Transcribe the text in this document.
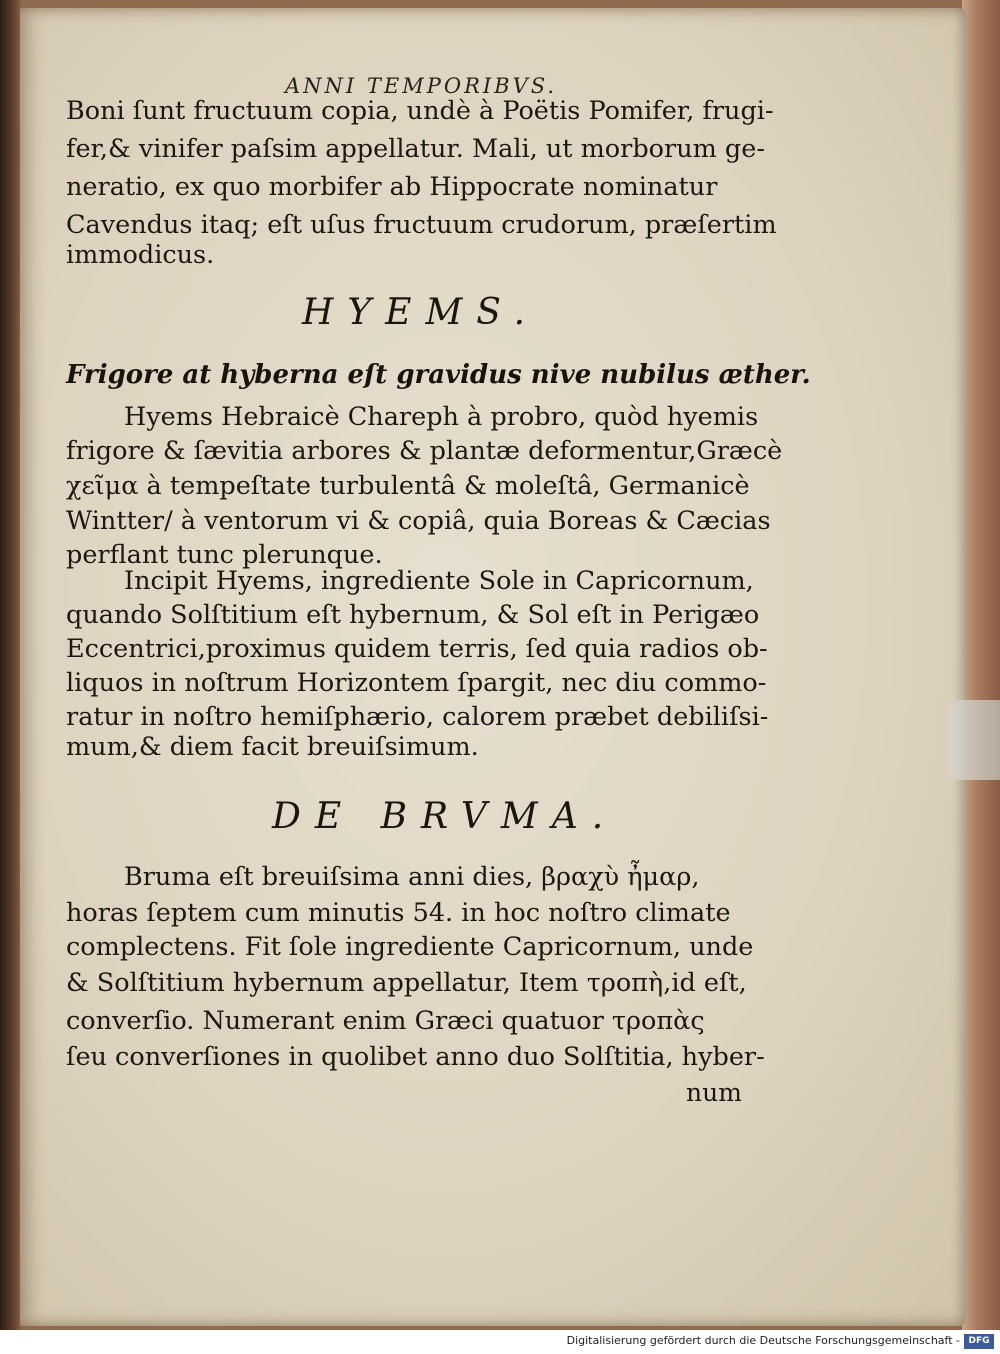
ANNI TEMPORIBVS.
Boni ſunt fructuum copia, undè à Poëtis Pomifer, frugi-
fer,& vinifer paſsim appellatur. Mali, ut morborum ge-
neratio, ex quo morbifer ab Hippocrate nominatur
Cavendus itaq; eſt uſus fructuum crudorum, præſertim
immodicus.
HYEMS.
Frigore at hyberna eſt gravidus nive nubilus æther.
Hyems Hebraicè Chareph à probro, quòd hyemis
frigore & ſævitia arbores & plantæ deformentur,Græcè
χεῖμα à tempeſtate turbulentâ & moleſtâ, Germanicè
Wintter/ à ventorum vi & copiâ, quia Boreas & Cæcias
perflant tunc plerunque.
Incipit Hyems, ingrediente Sole in Capricornum,
quando Solſtitium eſt hybernum, & Sol eſt in Perigæo
Eccentrici,proximus quidem terris, ſed quia radios ob-
liquos in noſtrum Horizontem ſpargit, nec diu commo-
ratur in noſtro hemiſphærio, calorem præbet debiliſsi-
mum,& diem facit breuiſsimum.
DE BRVMA.
Bruma eſt breuiſsima anni dies, βραχὺ ἦμαρ,
horas ſeptem cum minutis 54. in hoc noſtro climate
complectens. Fit ſole ingrediente Capricornum, unde
& Solſtitium hybernum appellatur, Item τροπὴ,id eſt,
converſio. Numerant enim Græci quatuor τροπὰς
ſeu converſiones in quolibet anno duo Solſtitia, hyber-
num
Digitalisierung gefördert durch die Deutsche Forschungsgemeinschaft - DFG
